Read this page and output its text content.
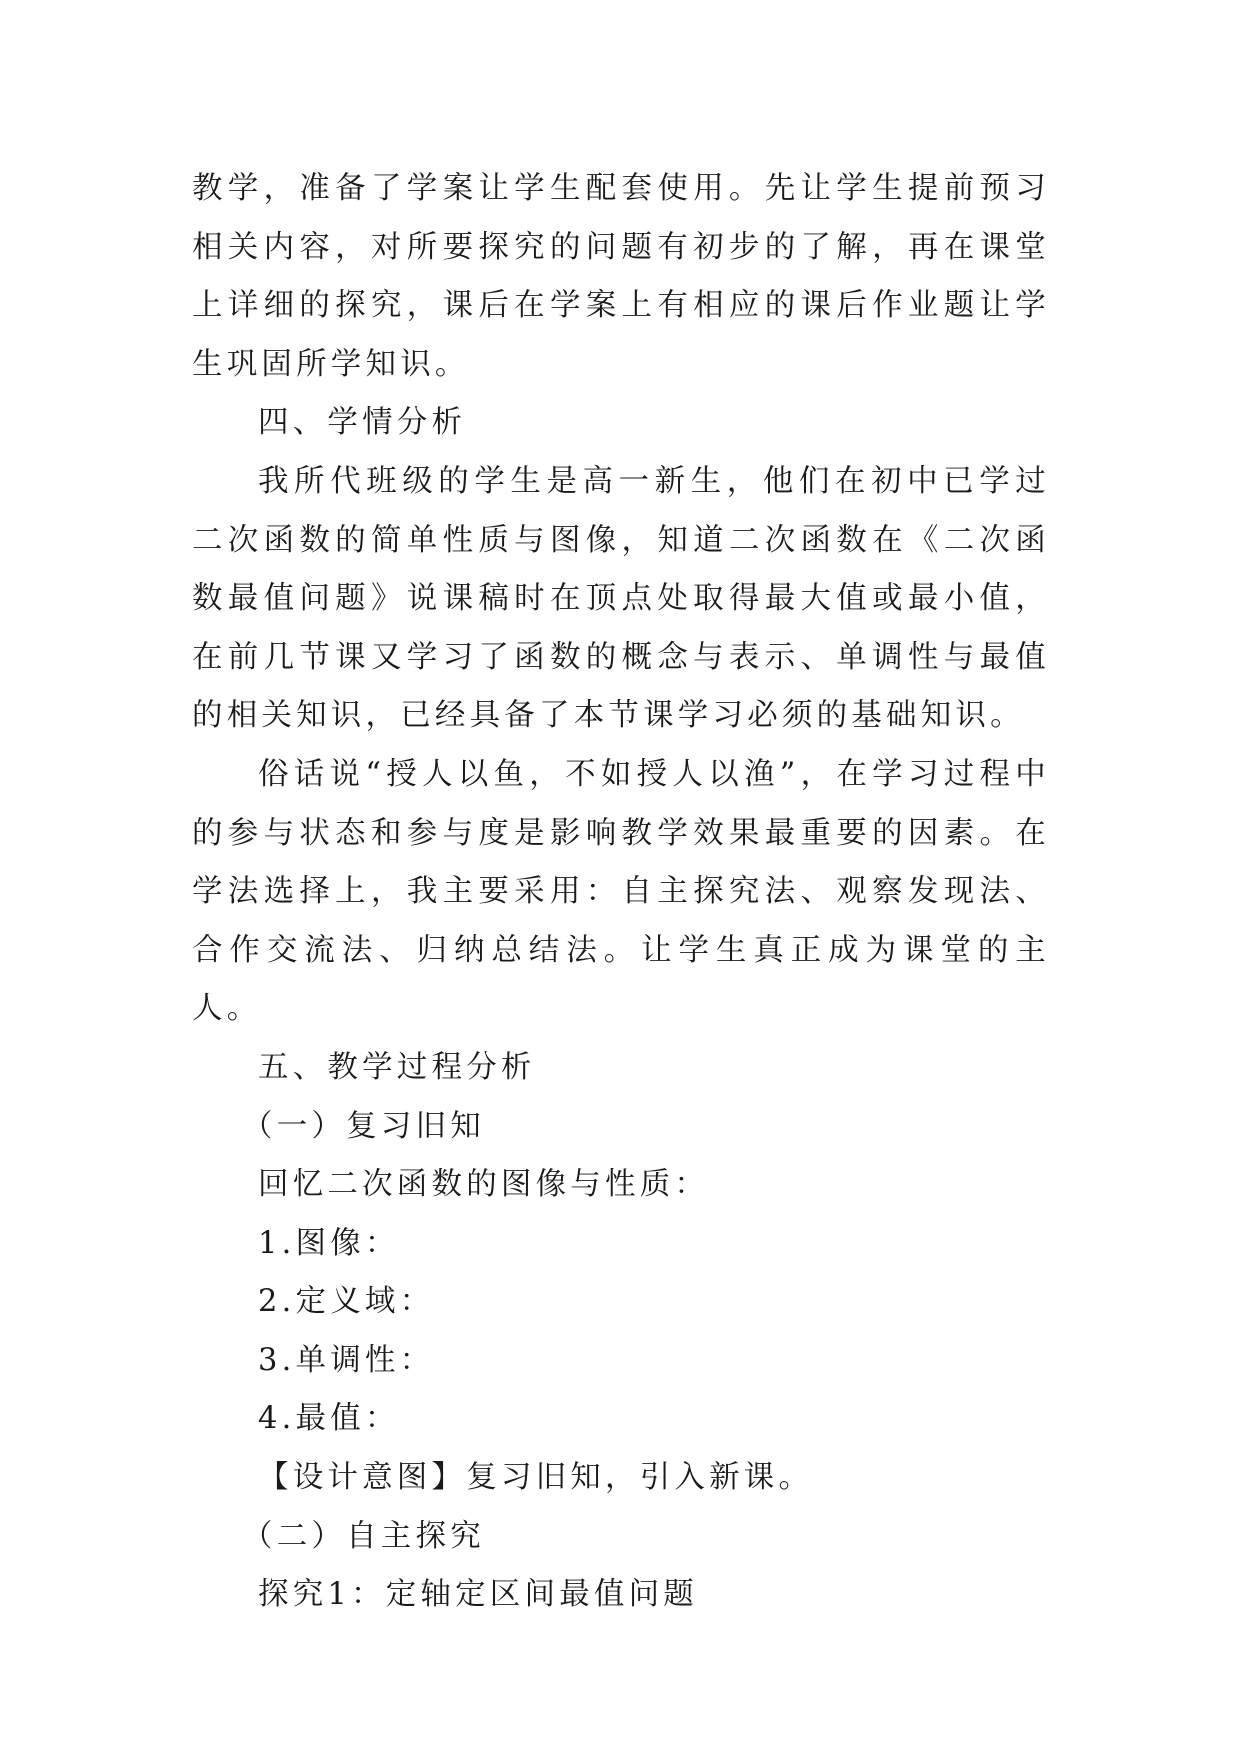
教学，准备了学案让学生配套使用。先让学生提前预习相关内容，对所要探究的问题有初步的了解，再在课堂上详细的探究，课后在学案上有相应的课后作业题让学生巩固所学知识。

四、学情分析

我所代班级的学生是高一新生，他们在初中已学过二次函数的简单性质与图像，知道二次函数在《二次函数最值问题》说课稿时在顶点处取得最大值或最小值，在前几节课又学习了函数的概念与表示、单调性与最值的相关知识，已经具备了本节课学习必须的基础知识。

俗话说“授人以鱼，不如授人以渔”，在学习过程中的参与状态和参与度是影响教学效果最重要的因素。在学法选择上，我主要采用：自主探究法、观察发现法、合作交流法、归纳总结法。让学生真正成为课堂的主人。

五、教学过程分析

（一）复习旧知

回忆二次函数的图像与性质：

1.图像：

2.定义域：

3.单调性：

4.最值：

【设计意图】复习旧知，引入新课。

（二）自主探究

探究1：定轴定区间最值问题
